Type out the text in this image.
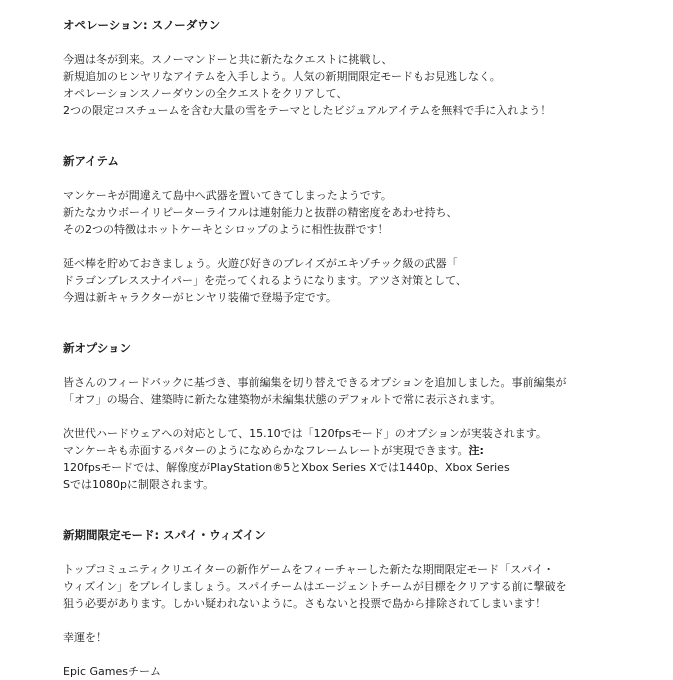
オペレーション: スノーダウン

今週は冬が到来。スノーマンドーと共に新たなクエストに挑戦し、
新規追加のヒンヤリなアイテムを入手しよう。人気の新期間限定モードもお見逃しなく。
オペレーションスノーダウンの全クエストをクリアして、
2つの限定コスチュームを含む大量の雪をテーマとしたビジュアルアイテムを無料で手に入れよう！

新アイテム

マンケーキが間違えて島中へ武器を置いてきてしまったようです。
新たなカウボーイリピーターライフルは連射能力と抜群の精密度をあわせ持ち、
その2つの特徴はホットケーキとシロップのように相性抜群です！

延べ棒を貯めておきましょう。火遊び好きのブレイズがエキゾチック級の武器「
ドラゴンブレススナイパー」を売ってくれるようになります。アツさ対策として、
今週は新キャラクターがヒンヤリ装備で登場予定です。

新オプション

皆さんのフィードバックに基づき、事前編集を切り替えできるオプションを追加しました。事前編集が
「オフ」の場合、建築時に新たな建築物が未編集状態のデフォルトで常に表示されます。

次世代ハードウェアへの対応として、15.10では「120fpsモード」のオプションが実装されます。
マンケーキも赤面するパターのようになめらかなフレームレートが実現できます。注:
120fpsモードでは、解像度がPlayStation®5とXbox Series Xでは1440p、Xbox Series
Sでは1080pに制限されます。

新期間限定モード: スパイ・ウィズイン

トップコミュニティクリエイターの新作ゲームをフィーチャーした新たな期間限定モード「スパイ・
ウィズイン」をプレイしましょう。スパイチームはエージェントチームが目標をクリアする前に撃破を
狙う必要があります。しかい疑われないように。さもないと投票で島から排除されてしまいます！

幸運を！

Epic Gamesチーム
